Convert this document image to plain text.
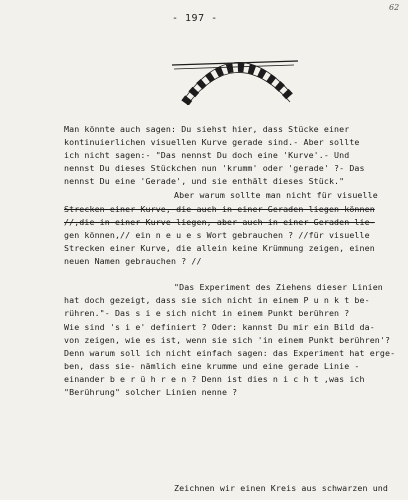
- 197 -
62
Man könnte auch sagen: Du siehst hier, dass Stücke einer
kontinuierlichen visuellen Kurve gerade sind.- Aber sollte
ich nicht sagen:- "Das nennst Du doch eine 'Kurve'.- Und
nennst Du dieses Stückchen nun 'krumm' oder 'gerade' ?- Das
nennst Du eine 'Gerade', und sie enthält dieses Stück."
Aber warum sollte man nicht für visuelle
Strecken einer Kurve, die auch in einer Geraden liegen können
//,die in einer Kurve liegen, aber auch in einer Geraden lie-
gen können,// ein n e u e s Wort gebrauchen ? //für visuelle
Strecken einer Kurve, die allein keine Krümmung zeigen, einen
neuen Namen gebrauchen ? //
"Das Experiment des Ziehens dieser Linien
hat doch gezeigt, dass sie sich nicht in einem P u n k t be-
rühren."- Das s i e sich nicht in einem Punkt berühren ?
Wie sind 's i e' definiert ? Oder: kannst Du mir ein Bild da-
von zeigen, wie es ist, wenn sie sich 'in einem Punkt berühren'?
Denn warum soll ich nicht einfach sagen: das Experiment hat erge-
ben, dass sie- nämlich eine krumme und eine gerade Linie -
einander b e r ü h r e n ? Denn ist dies n i c h t ,was ich
"Berührung" solcher Linien nenne ?
Zeichnen wir einen Kreis aus schwarzen und
